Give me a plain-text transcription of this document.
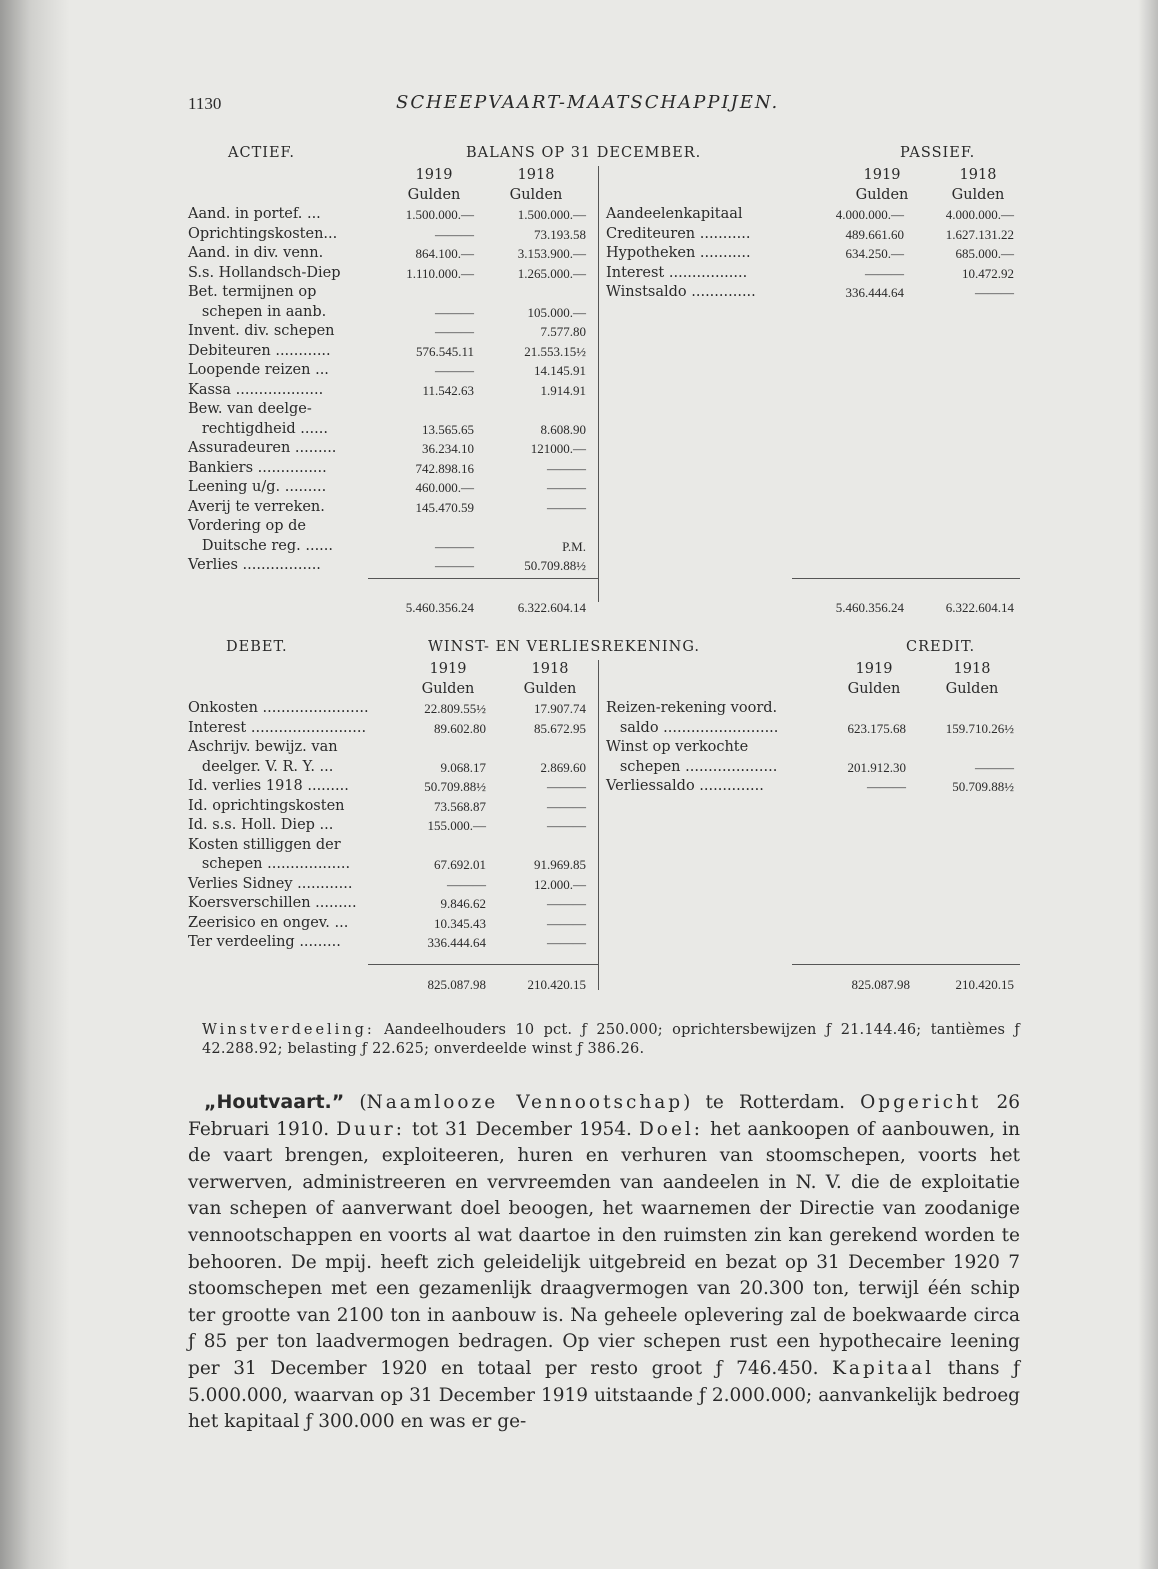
1130	SCHEEPVAART-MAATSCHAPPIJEN.
ACTIEF.	BALANS OP 31 DECEMBER.	PASSIEF.
1919	1918
Gulden	Gulden
Aand. in portef. ...	1.500.000.—	1.500.000.—
Oprichtingskosten...	———	73.193.58
Aand. in div. venn.	864.100.—	3.153.900.—
S.s. Hollandsch-Diep	1.110.000.—	1.265.000.—
Bet. termijnen op
schepen in aanb.	———	105.000.—
Invent. div. schepen	———	7.577.80
Debiteuren ............	576.545.11	21.553.15½
Loopende reizen ...	———	14.145.91
Kassa ...................	11.542.63	1.914.91
Bew. van deelge-
rechtigdheid ......	13.565.65	8.608.90
Assuradeuren .........	36.234.10	121000.—
Bankiers ...............	742.898.16	———
Leening u/g. .........	460.000.—	———
Averij te verreken.	145.470.59	———
Vordering op de
Duitsche reg. ......	———	P.M.
Verlies .................	———	50.709.88½
1919	1918
Gulden	Gulden
Aandeelenkapitaal	4.000.000.—	4.000.000.—
Crediteuren ...........	489.661.60	1.627.131.22
Hypotheken ...........	634.250.—	685.000.—
Interest .................	———	10.472.92
Winstsaldo ..............	336.444.64	———
5.460.356.24	6.322.604.14	5.460.356.24	6.322.604.14
DEBET.	WINST- EN VERLIESREKENING.	CREDIT.
1919	1918
Gulden	Gulden
Onkosten .......................	22.809.55½	17.907.74
Interest .........................	89.602.80	85.672.95
Aschrijv. bewijz. van
deelger. V. R. Y. ...	9.068.17	2.869.60
Id. verlies 1918 .........	50.709.88½	———
Id. oprichtingskosten	73.568.87	———
Id. s.s. Holl. Diep ...	155.000.—	———
Kosten stilliggen der
schepen ..................	67.692.01	91.969.85
Verlies Sidney ............	———	12.000.—
Koersverschillen .........	9.846.62	———
Zeerisico en ongev. ...	10.345.43	———
Ter verdeeling .........	336.444.64	———
1919	1918
Gulden	Gulden
Reizen-rekening voord.
saldo .........................	623.175.68	159.710.26½
Winst op verkochte
schepen ....................	201.912.30	———
Verliessaldo ..............	———	50.709.88½
825.087.98	210.420.15	825.087.98	210.420.15

Winstverdeeling: Aandeelhouders 10 pct. ƒ 250.000; oprichtersbewijzen ƒ 21.144.46; tantièmes ƒ 42.288.92; belasting ƒ 22.625; onverdeelde winst ƒ 386.26.

„Houtvaart.” (Naamlooze Vennootschap) te Rotterdam. Opgericht 26 Februari 1910. Duur: tot 31 December 1954. Doel: het aankoopen of aanbouwen, in de vaart brengen, exploiteeren, huren en verhuren van stoomschepen, voorts het verwerven, administreeren en vervreemden van aandeelen in N. V. die de exploitatie van schepen of aanverwant doel beoogen, het waarnemen der Directie van zoodanige vennootschappen en voorts al wat daartoe in den ruimsten zin kan gerekend worden te behooren. De mpij. heeft zich geleidelijk uitgebreid en bezat op 31 December 1920 7 stoomschepen met een gezamenlijk draagvermogen van 20.300 ton, terwijl één schip ter grootte van 2100 ton in aanbouw is. Na geheele oplevering zal de boekwaarde circa ƒ 85 per ton laadvermogen bedragen. Op vier schepen rust een hypothecaire leening per 31 December 1920 en totaal per resto groot ƒ 746.450. Kapitaal thans ƒ 5.000.000, waarvan op 31 December 1919 uitstaande ƒ 2.000.000; aanvankelijk bedroeg het kapitaal ƒ 300.000 en was er ge-
